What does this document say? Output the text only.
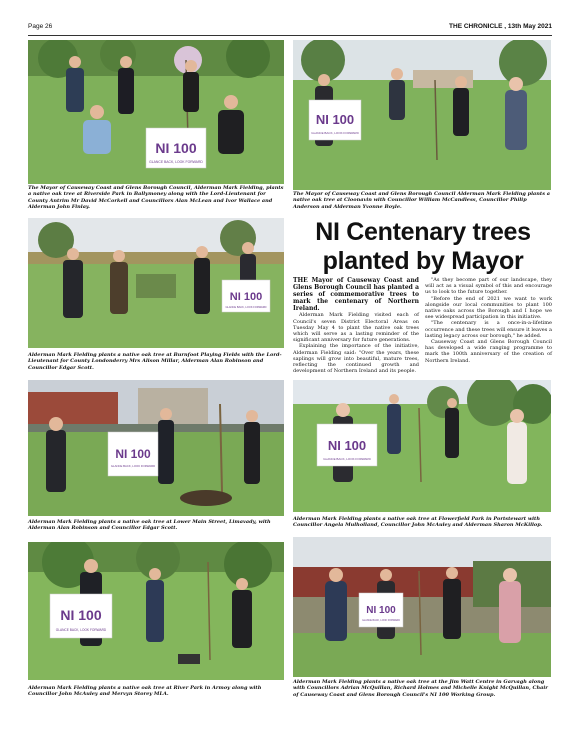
Page 26	THE CHRONICLE , 13th May 2021
NI 100
GLANCE BACK, LOOK FORWARD
The Mayor of Causeway Coast and Glens Borough Council, Alderman Mark Fielding, plants a native oak tree at Riverside Park in Ballymoney along with the Lord-Lieutenant for County Antrim Mr David McCorkell and Councillors Alan McLean and Ivor Wallace and Alderman John Finlay.
NI 100
GLANCE BACK, LOOK FORWARD
The Mayor of Causeway Coast and Glens Borough Council Alderman Mark Fielding plants a native oak tree at Cloonavin with Councillor William McCandless, Councillor Philip Anderson and Alderman Yvonne Boyle.
NI 100
GLANCE BACK, LOOK FORWARD
Alderman Mark Fielding plants a native oak tree at Burnfoot Playing Fields with the Lord-Lieutenant for County Londonderry Mrs Alison Millar, Alderman Alan Robinson and Councillor Edgar Scott.
NI Centenary trees
planted by Mayor

THE Mayor of Causeway Coast and Glens Borough Council has planted a series of commemorative trees to mark the centenary of Northern Ireland.

Alderman Mark Fielding visited each of Council's seven District Electoral Areas on Tuesday May 4 to plant the native oak trees which will serve as a lasting reminder of the significant anniversary for future generations.

Explaining the importance of the initiative, Alderman Fielding said: "Over the years, these saplings will grow into beautiful, mature trees, reflecting the continued growth and development of Northern Ireland and its people.

"As they become part of our landscape, they will act as a visual symbol of this and encourage us to look to the future together.

"Before the end of 2021 we want to work alongside our local communities to plant 100 native oaks across the Borough and I hope we see widespread participation in this initiative.

"The centenary is a once-in-a-lifetime occurrence and these trees will ensure it leaves a lasting legacy across our borough," he added.

Causeway Coast and Glens Borough Council has developed a wide ranging programme to mark the 100th anniversary of the creation of Northern Ireland.

NI 100
GLANCE BACK, LOOK FORWARD
Alderman Mark Fielding plants a native oak tree at Lower Main Street, Limavady, with Alderman Alan Robinson and Councillor Edgar Scott.
NI 100
GLANCE BACK, LOOK FORWARD
Alderman Mark Fielding plants a native oak tree at Flowerfield Park in Portstewart with Councillor Angela Mulholland, Councillor John McAuley and Alderman Sharon McKillop.
NI 100
GLANCE BACK, LOOK FORWARD
Alderman Mark Fielding plants a native oak tree at River Park in Armoy along with Councillor John McAuley and Mervyn Storey MLA.
NI 100
GLANCE BACK, LOOK FORWARD
Alderman Mark Fielding plants a native oak tree at the Jim Watt Centre in Garvagh along with Councillors Adrian McQuillan, Richard Holmes and Michelle Knight McQuillan, Chair of Causeway Coast and Glens Borough Council's NI 100 Working Group.
